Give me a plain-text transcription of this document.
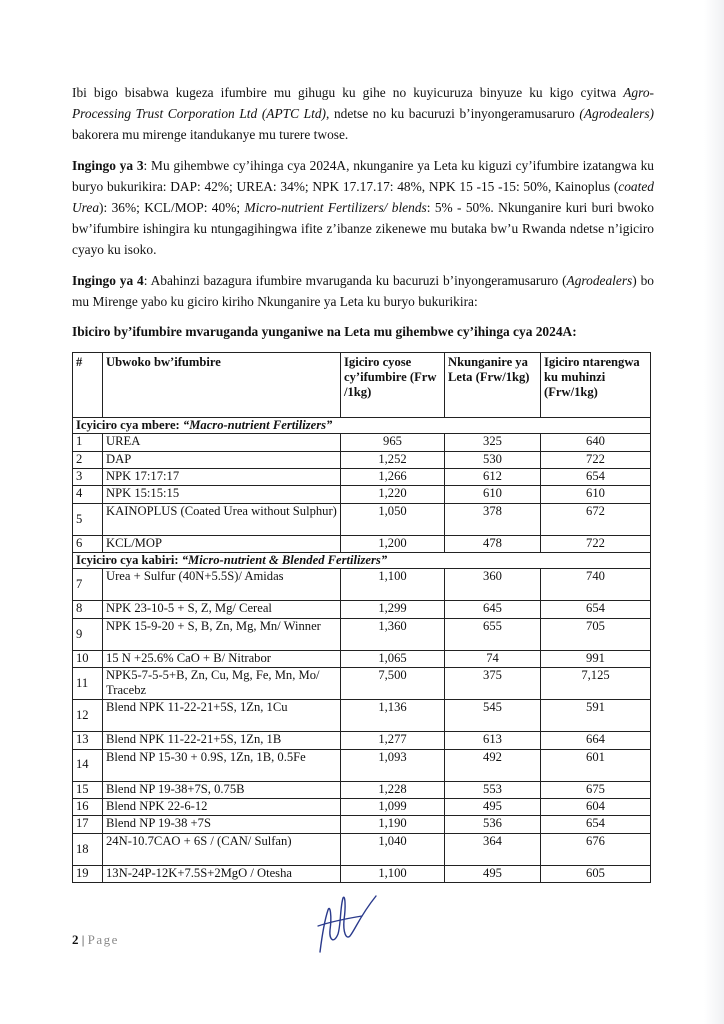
Ibi bigo bisabwa kugeza ifumbire mu gihugu ku gihe no kuyicuruza binyuze ku kigo cyitwa Agro-Processing Trust Corporation Ltd (APTC Ltd), ndetse no ku bacuruzi b’inyongeramusaruro (Agrodealers) bakorera mu mirenge itandukanye mu turere twose.

Ingingo ya 3: Mu gihembwe cy’ihinga cya 2024A, nkunganire ya Leta ku kiguzi cy’ifumbire izatangwa ku buryo bukurikira: DAP: 42%; UREA: 34%; NPK 17.17.17: 48%, NPK 15 -15 -15: 50%, Kainoplus (coated Urea): 36%; KCL/MOP: 40%; Micro-nutrient Fertilizers/ blends: 5% - 50%. Nkunganire kuri buri bwoko bw’ifumbire ishingira ku ntungagihingwa ifite z’ibanze zikenewe mu butaka bw’u Rwanda ndetse n’igiciro cyayo ku isoko.

Ingingo ya 4: Abahinzi bazagura ifumbire mvaruganda ku bacuruzi b’inyongeramusaruro (Agrodealers) bo mu Mirenge yabo ku giciro kiriho Nkunganire ya Leta ku buryo bukurikira:

Ibiciro by’ifumbire mvaruganda yunganiwe na Leta mu gihembwe cy’ihinga cya 2024A:
#	Ubwoko bw’ifumbire	Igiciro cyose cy’ifumbire (Frw /1kg)	Nkunganire ya Leta (Frw/1kg)	Igiciro ntarengwa ku muhinzi (Frw/1kg)
Icyiciro cya mbere: “Macro-nutrient Fertilizers”				
1	UREA	965	325	640
2	DAP	1,252	530	722
3	NPK 17:17:17	1,266	612	654
4	NPK 15:15:15	1,220	610	610
5	KAINOPLUS (Coated Urea without Sulphur)	1,050	378	672
6	KCL/MOP	1,200	478	722
Icyiciro cya kabiri: “Micro-nutrient & Blended Fertilizers”				
7	Urea + Sulfur (40N+5.5S)/ Amidas	1,100	360	740
8	NPK 23-10-5 + S, Z, Mg/ Cereal	1,299	645	654
9	NPK 15-9-20 + S, B, Zn, Mg, Mn/ Winner	1,360	655	705
10	15 N +25.6% CaO + B/ Nitrabor	1,065	74	991
11	NPK5-7-5-5+B, Zn, Cu, Mg, Fe, Mn, Mo/ Tracebz	7,500	375	7,125
12	Blend NPK 11-22-21+5S, 1Zn, 1Cu	1,136	545	591
13	Blend NPK 11-22-21+5S, 1Zn, 1B	1,277	613	664
14	Blend NP 15-30 + 0.9S, 1Zn, 1B, 0.5Fe	1,093	492	601
15	Blend NP 19-38+7S, 0.75B	1,228	553	675
16	Blend NPK 22-6-12	1,099	495	604
17	Blend NP 19-38 +7S	1,190	536	654
18	24N-10.7CAO + 6S / (CAN/ Sulfan)	1,040	364	676
19	13N-24P-12K+7.5S+2MgO / Otesha	1,100	495	605
2 | Page
